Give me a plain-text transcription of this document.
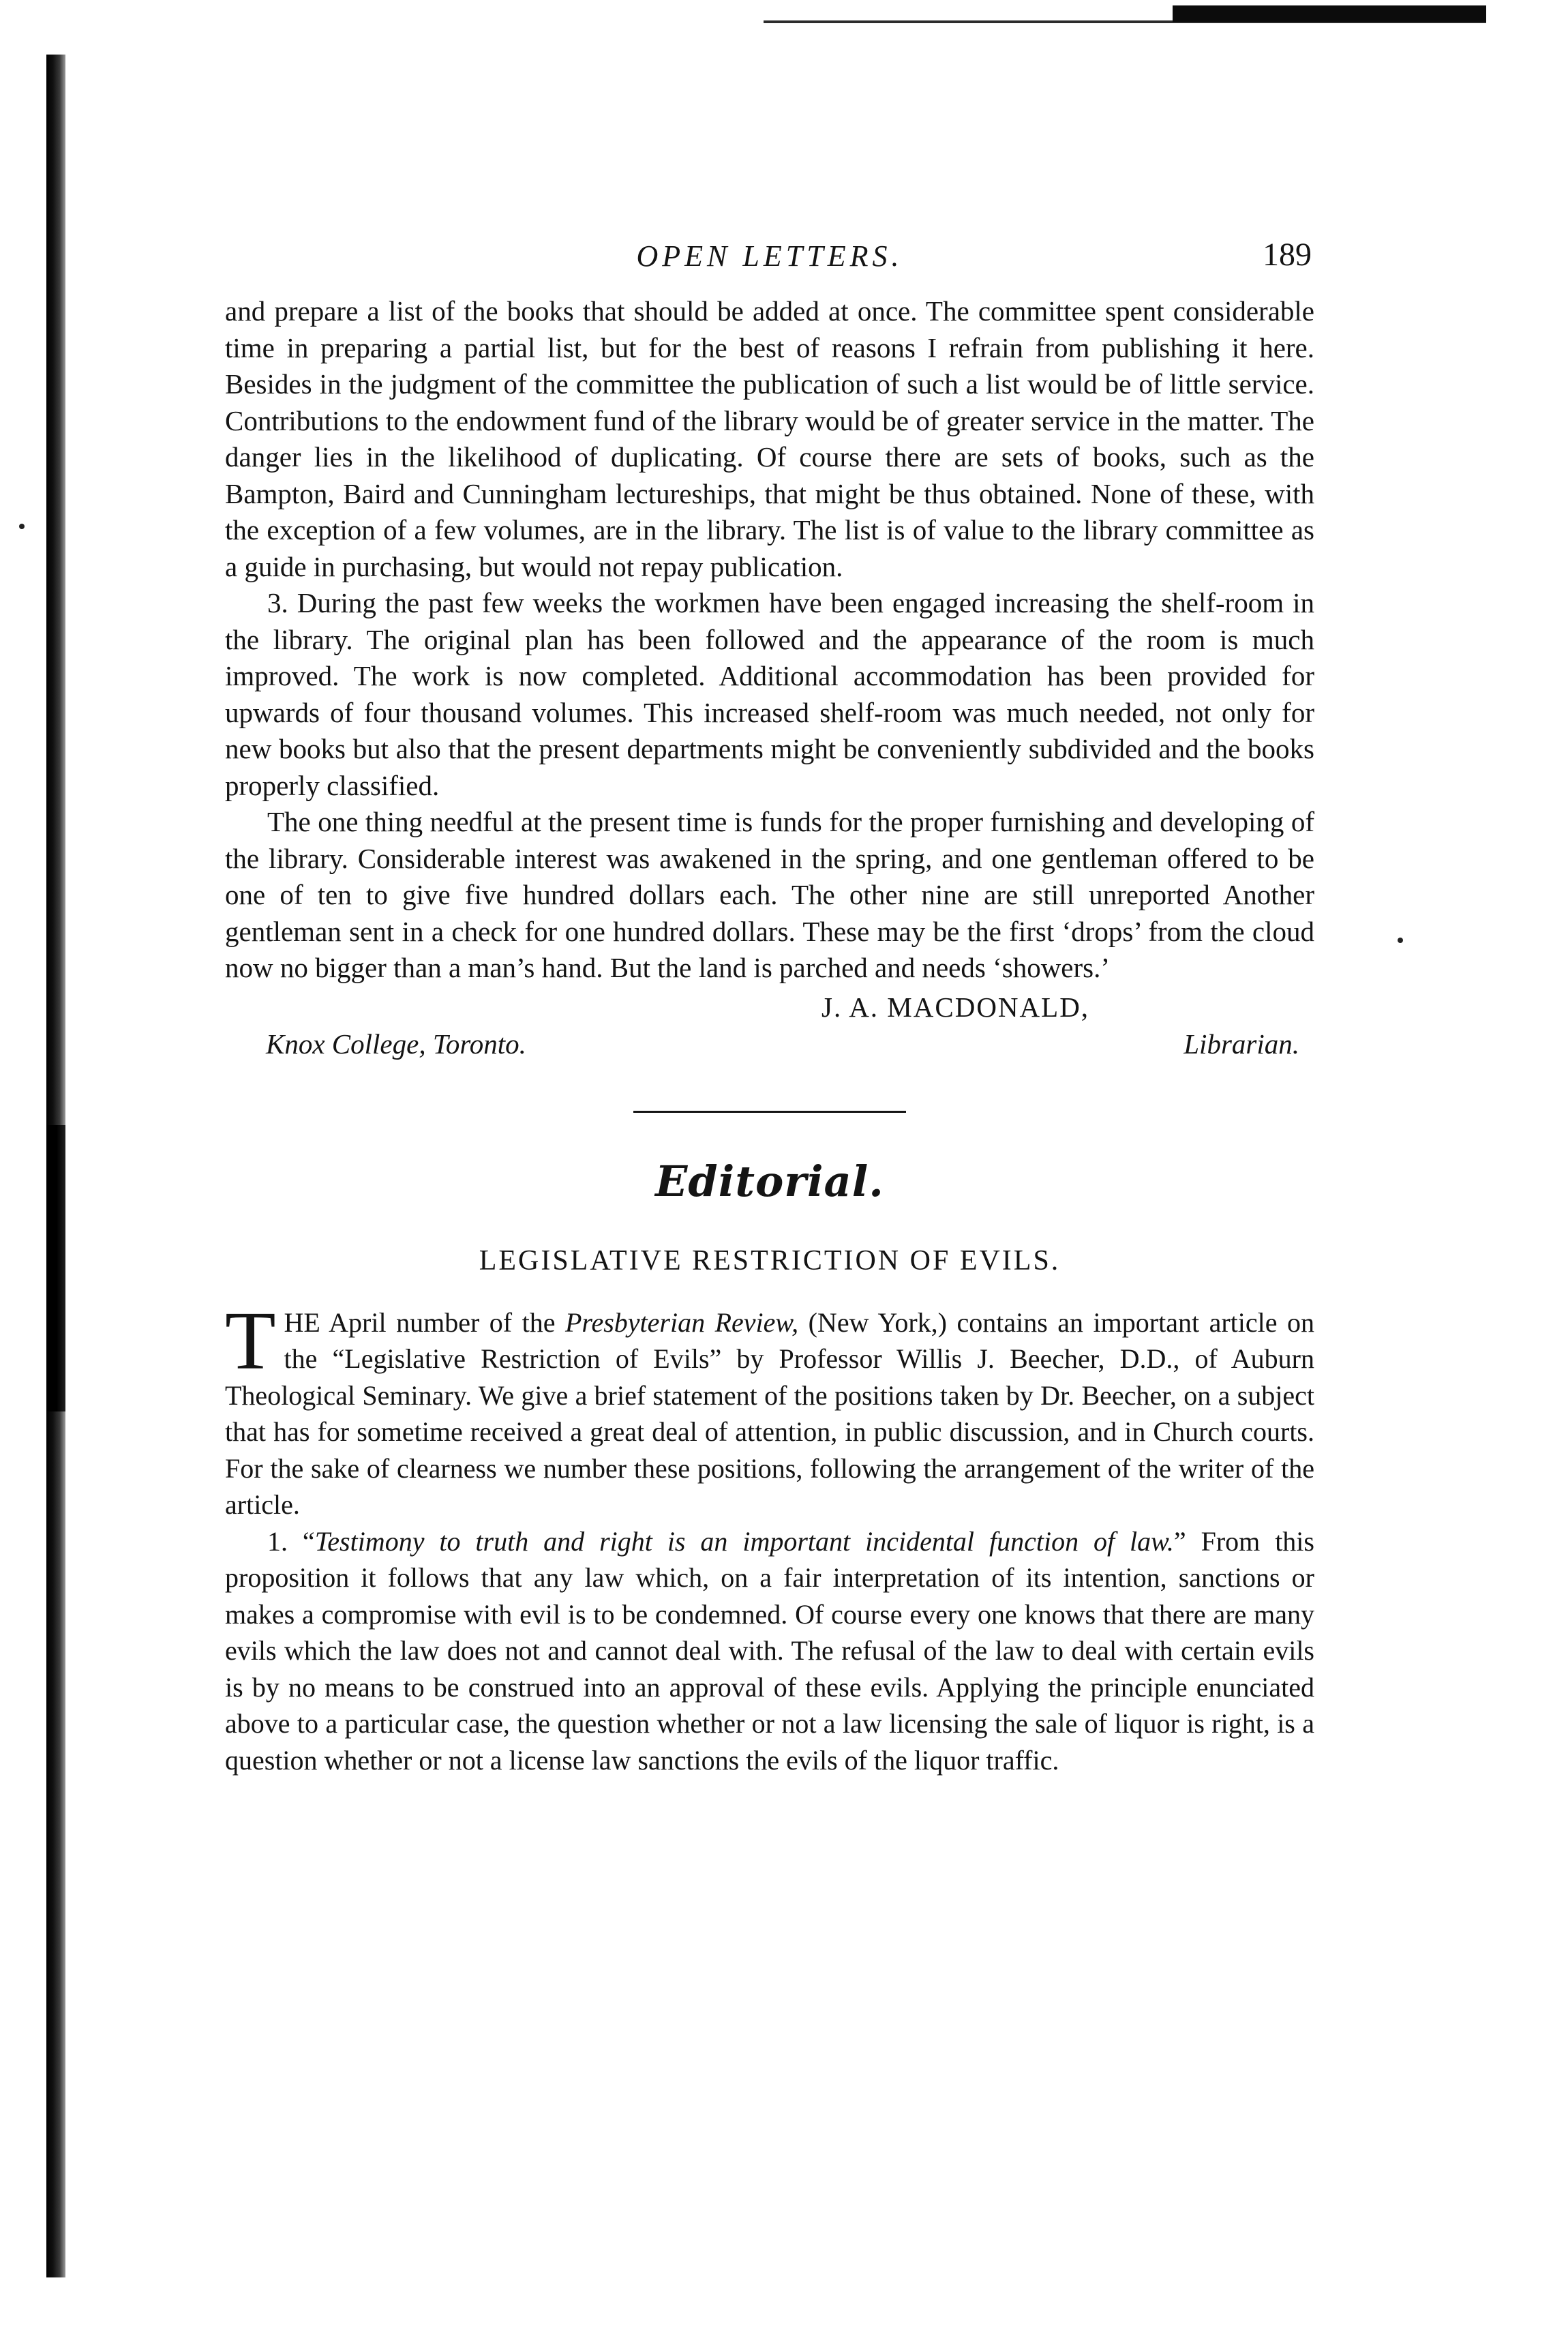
OPEN LETTERS.	189

and prepare a list of the books that should be added at once. The committee spent considerable time in preparing a partial list, but for the best of reasons I refrain from publishing it here. Besides in the judgment of the committee the publication of such a list would be of little service. Contributions to the endowment fund of the library would be of greater service in the matter. The danger lies in the likelihood of duplicating. Of course there are sets of books, such as the Bampton, Baird and Cunningham lectureships, that might be thus obtained. None of these, with the exception of a few volumes, are in the library. The list is of value to the library committee as a guide in purchasing, but would not repay publication.

3. During the past few weeks the workmen have been engaged increasing the shelf-room in the library. The original plan has been followed and the appearance of the room is much improved. The work is now completed. Additional accommodation has been provided for upwards of four thousand volumes. This increased shelf-room was much needed, not only for new books but also that the present departments might be conveniently subdivided and the books properly classified.

The one thing needful at the present time is funds for the proper furnishing and developing of the library. Considerable interest was awakened in the spring, and one gentleman offered to be one of ten to give five hundred dollars each. The other nine are still unreported Another gentleman sent in a check for one hundred dollars. These may be the first ‘drops’ from the cloud now no bigger than a man’s hand. But the land is parched and needs ‘showers.’

J. A. MACDONALD,
Knox College, Toronto.	Librarian.
Editorial.
LEGISLATIVE RESTRICTION OF EVILS.

THE April number of the Presbyterian Review, (New York,) contains an important article on the “Legislative Restriction of Evils” by Professor Willis J. Beecher, D.D., of Auburn Theological Seminary. We give a brief statement of the positions taken by Dr. Beecher, on a subject that has for sometime received a great deal of attention, in public discussion, and in Church courts. For the sake of clearness we number these positions, following the arrangement of the writer of the article.

1. “Testimony to truth and right is an important incidental function of law.” From this proposition it follows that any law which, on a fair interpretation of its intention, sanctions or makes a compromise with evil is to be condemned. Of course every one knows that there are many evils which the law does not and cannot deal with. The refusal of the law to deal with certain evils is by no means to be construed into an approval of these evils. Applying the principle enunciated above to a particular case, the question whether or not a law licensing the sale of liquor is right, is a question whether or not a license law sanctions the evils of the liquor traffic.
